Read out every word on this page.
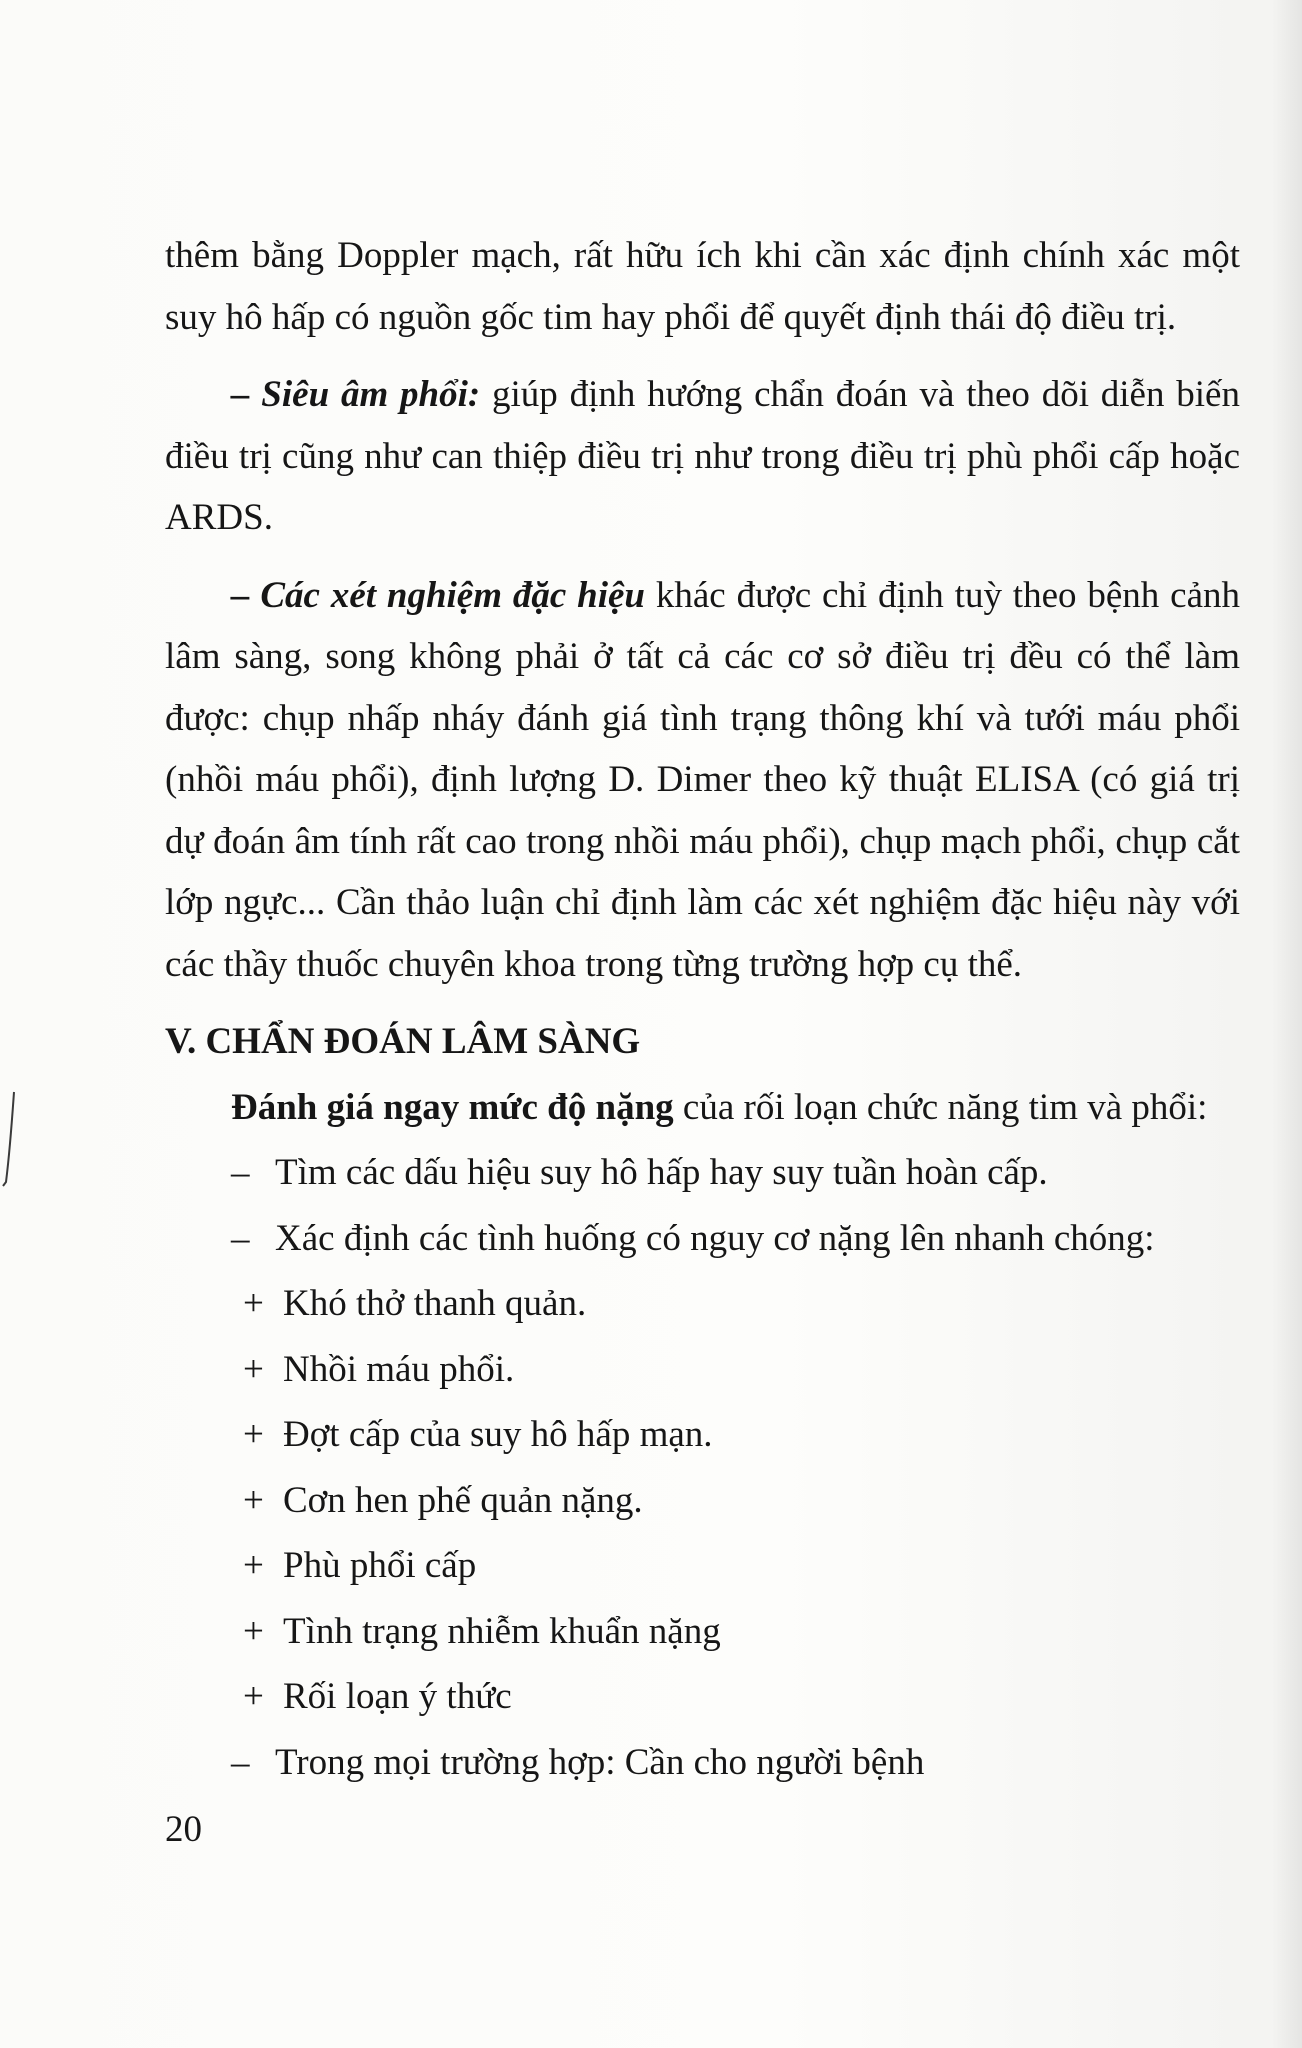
thêm bằng Doppler mạch, rất hữu ích khi cần xác định chính xác một suy hô hấp có nguồn gốc tim hay phổi để quyết định thái độ điều trị.

– Siêu âm phổi: giúp định hướng chẩn đoán và theo dõi diễn biến điều trị cũng như can thiệp điều trị như trong điều trị phù phổi cấp hoặc ARDS.

– Các xét nghiệm đặc hiệu khác được chỉ định tuỳ theo bệnh cảnh lâm sàng, song không phải ở tất cả các cơ sở điều trị đều có thể làm được: chụp nhấp nháy đánh giá tình trạng thông khí và tưới máu phổi (nhồi máu phổi), định lượng D. Dimer theo kỹ thuật ELISA (có giá trị dự đoán âm tính rất cao trong nhồi máu phổi), chụp mạch phổi, chụp cắt lớp ngực... Cần thảo luận chỉ định làm các xét nghiệm đặc hiệu này với các thầy thuốc chuyên khoa trong từng trường hợp cụ thể.

V. CHẨN ĐOÁN LÂM SÀNG
Đánh giá ngay mức độ nặng của rối loạn chức năng tim và phổi:
– Tìm các dấu hiệu suy hô hấp hay suy tuần hoàn cấp.
– Xác định các tình huống có nguy cơ nặng lên nhanh chóng:
+ Khó thở thanh quản.
+ Nhồi máu phổi.
+ Đợt cấp của suy hô hấp mạn.
+ Cơn hen phế quản nặng.
+ Phù phổi cấp
+ Tình trạng nhiễm khuẩn nặng
+ Rối loạn ý thức
– Trong mọi trường hợp: Cần cho người bệnh
20
